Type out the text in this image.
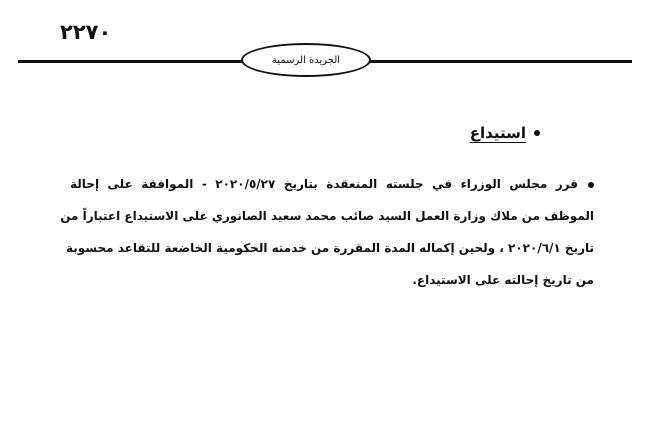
٢٢٧٠
الجريدة الرسمية
استيداع
قرر مجلس الوزراء في جلسته المنعقدة بتاريخ ٢٠٢٠/٥/٢٧ - الموافقة على إحالة
الموظف من ملاك وزارة العمل السيد صائب محمد سعيد الصانوري على الاستيداع اعتباراً من
تاريخ ٢٠٢٠/٦/١ ، ولحين إكماله المدة المقررة من خدمته الحكومية الخاضعة للتقاعد محسوبة
من تاريخ إحالته على الاستيداع.
